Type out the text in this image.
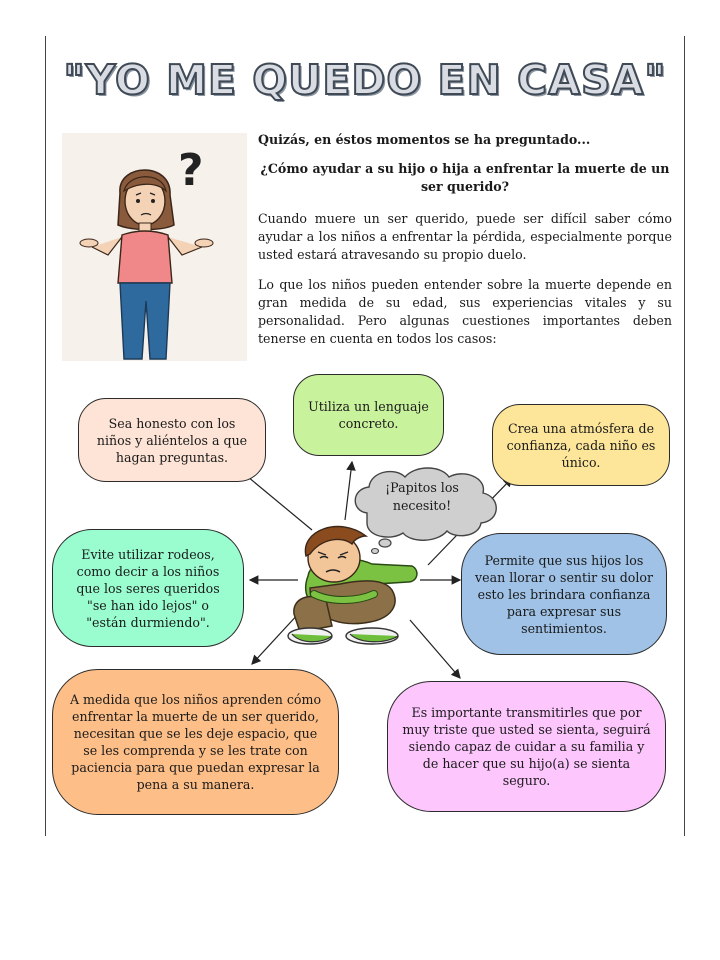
"YO ME QUEDO EN CASA"
?

Quizás, en éstos momentos se ha preguntado...

¿Cómo ayudar a su hijo o hija a enfrentar la muerte de un ser querido?

Cuando muere un ser querido, puede ser difícil saber cómo ayudar a los niños a enfrentar la pérdida, especialmente porque usted estará atravesando su propio duelo.

Lo que los niños pueden entender sobre la muerte depende en gran medida de su edad, sus experiencias vitales y su personalidad. Pero algunas cuestiones importantes deben tenerse en cuenta en todos los casos:

Sea honesto con los niños y aliéntelos a que hagan preguntas.
Utiliza un lenguaje concreto.	Crea una atmósfera de confianza, cada niño es único.
Evite utilizar rodeos, como decir a los niños que los seres queridos "se han ido lejos" o "están durmiendo".
Permite que sus hijos los vean llorar o sentir su dolor esto les brindara confianza para expresar sus sentimientos.
A medida que los niños aprenden cómo enfrentar la muerte de un ser querido, necesitan que se les deje espacio, que se les comprenda y se les trate con paciencia para que puedan expresar la pena a su manera.
Es importante transmitirles que por muy triste que usted se sienta, seguirá siendo capaz de cuidar a su familia y de hacer que su hijo(a) se sienta seguro.
¡Papitos los necesito!
